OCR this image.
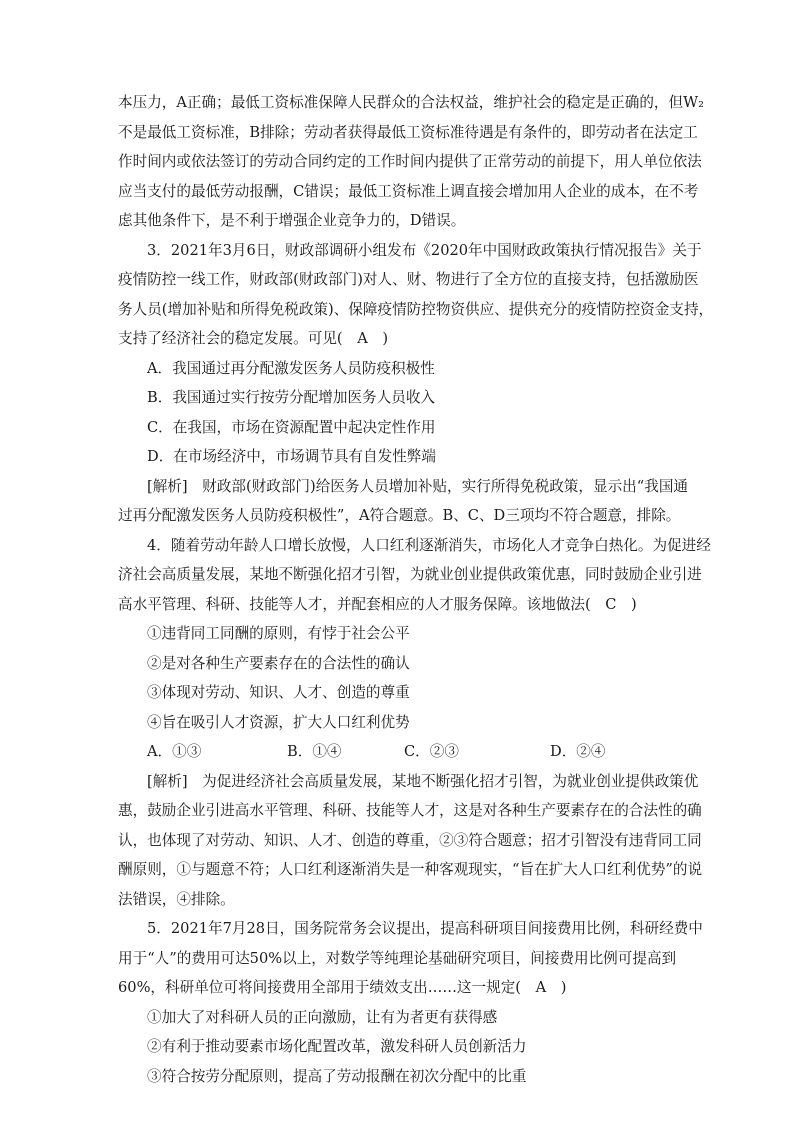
本压力，A正确；最低工资标准保障人民群众的合法权益，维护社会的稳定是正确的，但W₂
不是最低工资标准，B排除；劳动者获得最低工资标准待遇是有条件的，即劳动者在法定工
作时间内或依法签订的劳动合同约定的工作时间内提供了正常劳动的前提下，用人单位依法
应当支付的最低劳动报酬，C错误；最低工资标准上调直接会增加用人企业的成本，在不考
虑其他条件下，是不利于增强企业竞争力的，D错误。
3．2021年3月6日，财政部调研小组发布《2020年中国财政政策执行情况报告》关于
疫情防控一线工作，财政部(财政部门)对人、财、物进行了全方位的直接支持，包括激励医
务人员(增加补贴和所得免税政策)、保障疫情防控物资供应、提供充分的疫情防控资金支持，
支持了经济社会的稳定发展。可见(　A　)
A．我国通过再分配激发医务人员防疫积极性
B．我国通过实行按劳分配增加医务人员收入
C．在我国，市场在资源配置中起决定性作用
D．在市场经济中，市场调节具有自发性弊端
[解析]　财政部(财政部门)给医务人员增加补贴，实行所得免税政策，显示出“我国通
过再分配激发医务人员防疫积极性”，A符合题意。B、C、D三项均不符合题意，排除。
4．随着劳动年龄人口增长放慢，人口红利逐渐消失，市场化人才竞争白热化。为促进经
济社会高质量发展，某地不断强化招才引智，为就业创业提供政策优惠，同时鼓励企业引进
高水平管理、科研、技能等人才，并配套相应的人才服务保障。该地做法(　C　)
①违背同工同酬的原则，有悖于社会公平
②是对各种生产要素存在的合法性的确认
③体现对劳动、知识、人才、创造的尊重
④旨在吸引人才资源，扩大人口红利优势
A．①③	B．①④	C．②③	D．②④
[解析]　为促进经济社会高质量发展，某地不断强化招才引智，为就业创业提供政策优
惠，鼓励企业引进高水平管理、科研、技能等人才，这是对各种生产要素存在的合法性的确
认，也体现了对劳动、知识、人才、创造的尊重，②③符合题意；招才引智没有违背同工同
酬原则，①与题意不符；人口红利逐渐消失是一种客观现实，“旨在扩大人口红利优势”的说
法错误，④排除。
5．2021年7月28日，国务院常务会议提出，提高科研项目间接费用比例，科研经费中
用于“人”的费用可达50%以上，对数学等纯理论基础研究项目，间接费用比例可提高到
60%，科研单位可将间接费用全部用于绩效支出……这一规定(　A　)
①加大了对科研人员的正向激励，让有为者更有获得感
②有利于推动要素市场化配置改革，激发科研人员创新活力
③符合按劳分配原则，提高了劳动报酬在初次分配中的比重
